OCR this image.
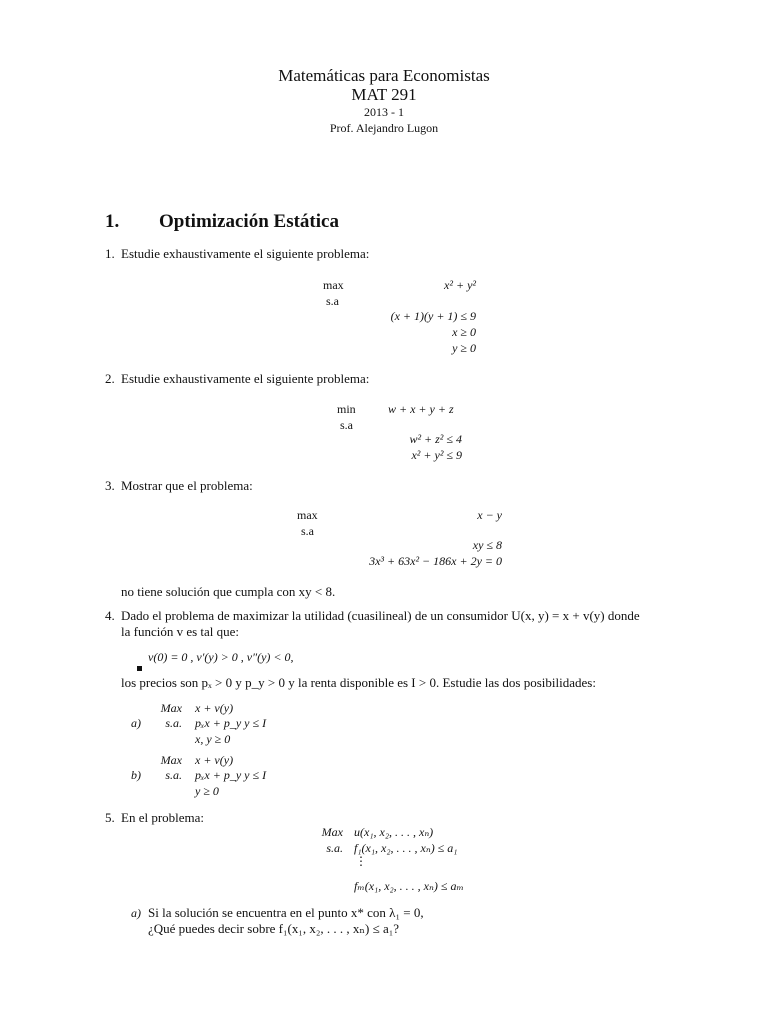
Matemáticas para Economistas
MAT 291
2013 - 1
Prof. Alejandro Lugon
1. Optimización Estática
1. Estudie exhaustivamente el siguiente problema:
max
s.a
x² + y²
(x + 1)(y + 1) ≤ 9
x ≥ 0
y ≥ 0
2. Estudie exhaustivamente el siguiente problema:
min
s.a
w + x + y + z
w² + z² ≤ 4
x² + y² ≤ 9
3. Mostrar que el problema:
max
s.a
x − y
xy ≤ 8
3x³ + 63x² − 186x + 2y = 0
no tiene solución que cumpla con xy < 8.
4. Dado el problema de maximizar la utilidad (cuasilineal) de un consumidor U(x, y) = x + v(y) donde
la función v es tal que:
v(0) = 0 , v′(y) > 0 , v″(y) < 0,
los precios son pₓ > 0 y p_y > 0 y la renta disponible es I > 0. Estudie las dos posibilidades:
a)
Max
s.a.
x + v(y)
pₓx + p_y y ≤ I
x, y ≥ 0
b)
Max
s.a.
x + v(y)
pₓx + p_y y ≤ I
y ≥ 0
5. En el problema:
Max
s.a.
u(x₁, x₂, . . . , xₙ)
f₁(x₁, x₂, . . . , xₙ) ≤ a₁
⋮
fₘ(x₁, x₂, . . . , xₙ) ≤ aₘ
a) Si la solución se encuentra en el punto x* con λ₁ = 0,
¿Qué puedes decir sobre f₁(x₁, x₂, . . . , xₙ) ≤ a₁?
